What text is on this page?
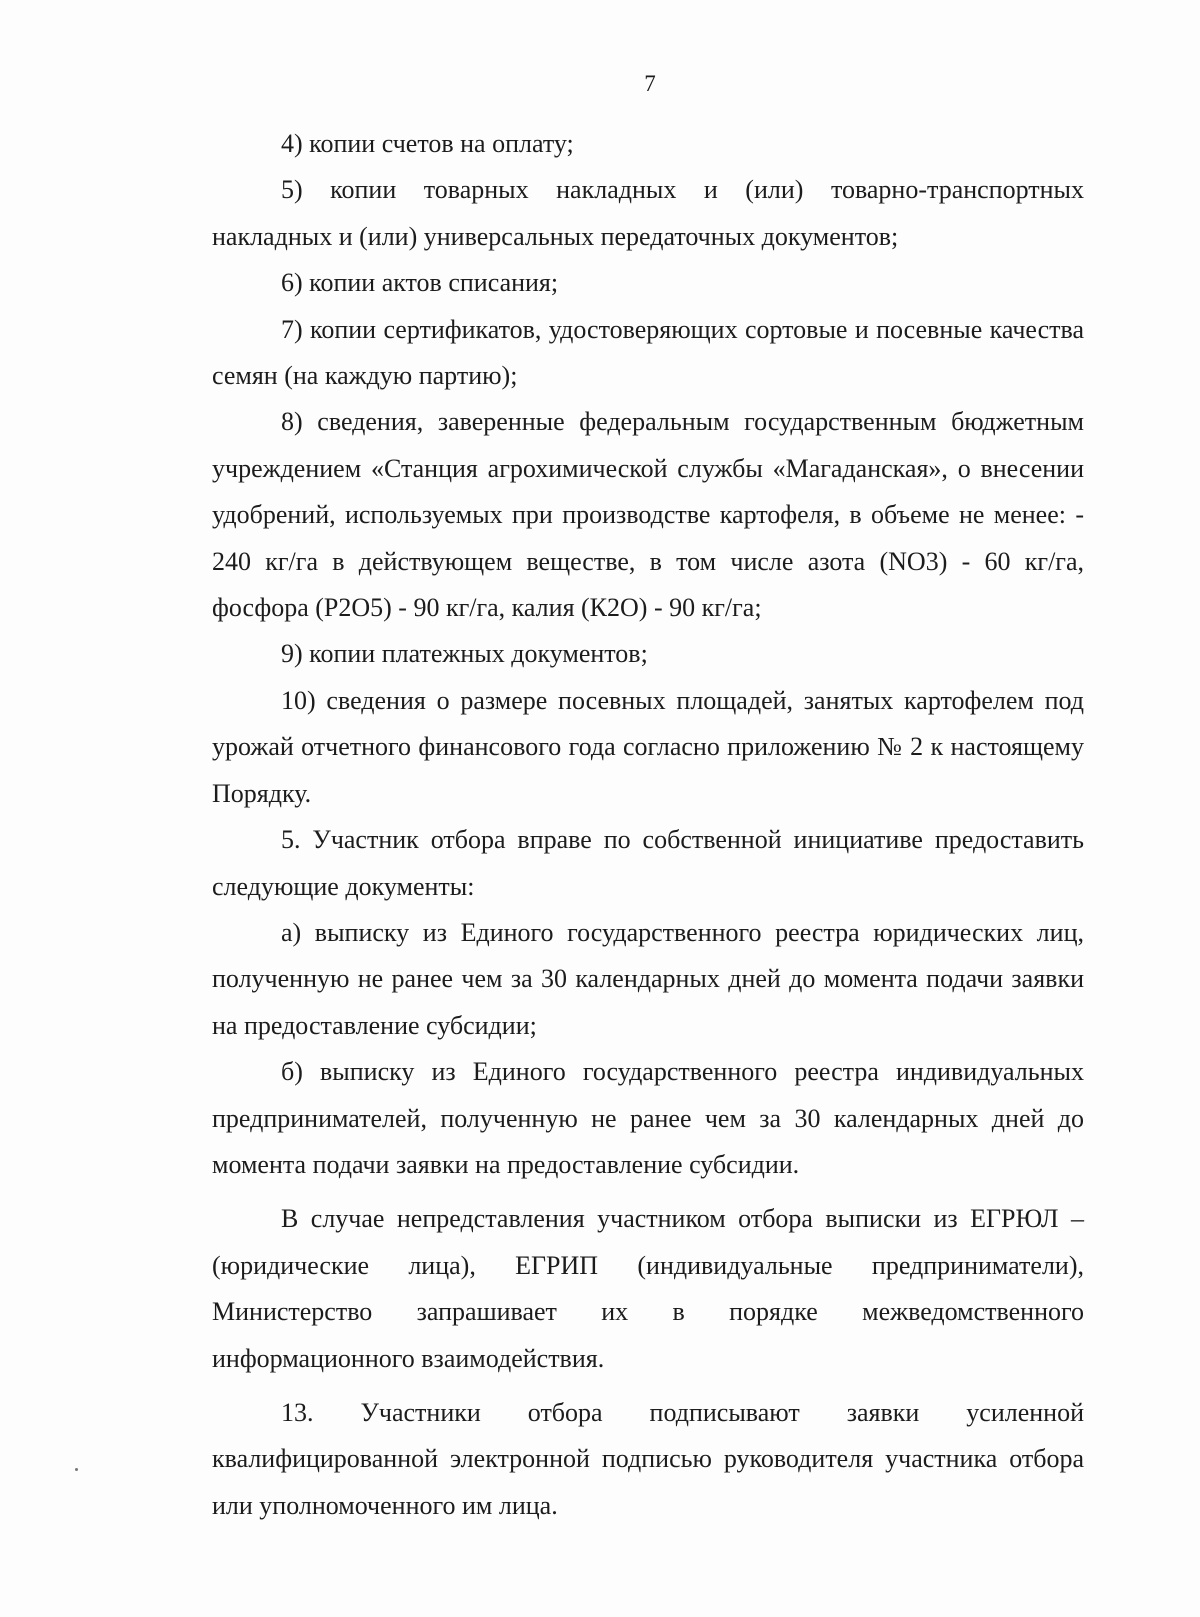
7

4) копии счетов на оплату;

5) копии товарных накладных и (или) товарно-транспортных накладных и (или) универсальных передаточных документов;

6) копии актов списания;

7) копии сертификатов, удостоверяющих сортовые и посевные качества семян (на каждую партию);

8) сведения, заверенные федеральным государственным бюджетным учреждением «Станция агрохимической службы «Магаданская», о внесении удобрений, используемых при производстве картофеля, в объеме не менее: - 240 кг/га в действующем веществе, в том числе азота (NO3) - 60 кг/га, фосфора (Р2О5) - 90 кг/га, калия (К2О) - 90 кг/га;

9) копии платежных документов;

10) сведения о размере посевных площадей, занятых картофелем под урожай отчетного финансового года согласно приложению № 2 к настоящему Порядку.

5. Участник отбора вправе по собственной инициативе предоставить следующие документы:

а) выписку из Единого государственного реестра юридических лиц, полученную не ранее чем за 30 календарных дней до момента подачи заявки на предоставление субсидии;

б) выписку из Единого государственного реестра индивидуальных предпринимателей, полученную не ранее чем за 30 календарных дней до момента подачи заявки на предоставление субсидии.

В случае непредставления участником отбора выписки из ЕГРЮЛ – (юридические лица), ЕГРИП (индивидуальные предприниматели), Министерство запрашивает их в порядке межведомственного информационного взаимодействия.

13. Участники отбора подписывают заявки усиленной квалифицированной электронной подписью руководителя участника отбора или уполномоченного им лица.
